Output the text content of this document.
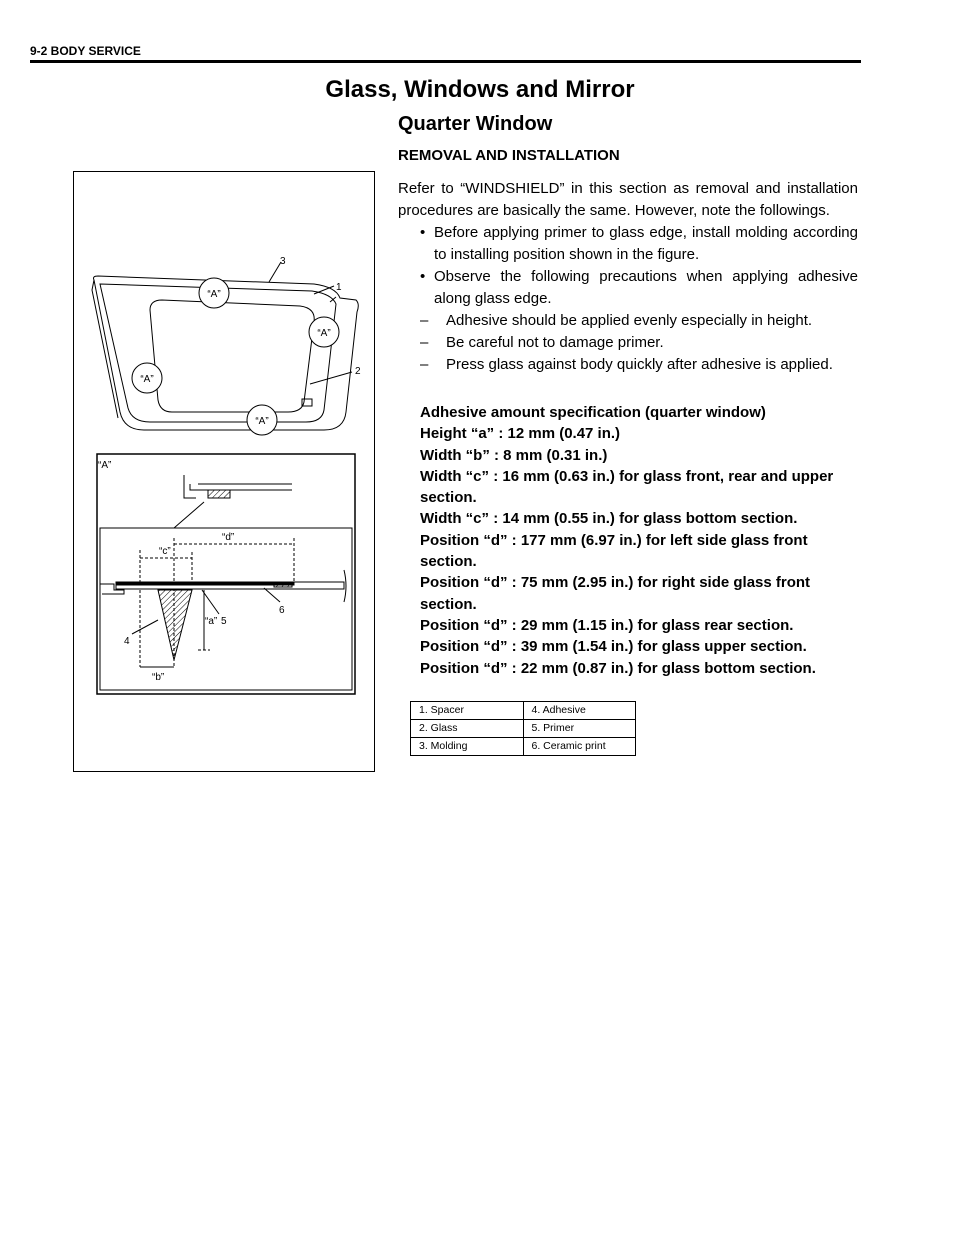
9-2 BODY SERVICE
Glass, Windows and Mirror
Quarter Window
REMOVAL AND INSTALLATION
“A”
“A”
“A”
“A”
3
1
2
“A”
“c”
“d”
“a”
“b”
5
6
4

Refer to “WINDSHIELD” in this section as removal and installation procedures are basically the same. However, note the followings.

• Before applying primer to glass edge, install molding according to installing position shown in the figure.

• Observe the following precautions when applying adhesive along glass edge.

– Adhesive should be applied evenly especially in height.

– Be careful not to damage primer.

– Press glass against body quickly after adhesive is applied.

Adhesive amount specification (quarter window)

Height “a” : 12 mm (0.47 in.)

Width “b” : 8 mm (0.31 in.)

Width “c” : 16 mm (0.63 in.) for glass front, rear and upper section.

Width “c” : 14 mm (0.55 in.) for glass bottom section.

Position “d” : 177 mm (6.97 in.) for left side glass front section.

Position “d” : 75 mm (2.95 in.) for right side glass front section.

Position “d” : 29 mm (1.15 in.) for glass rear section.

Position “d” : 39 mm (1.54 in.) for glass upper section.

Position “d” : 22 mm (0.87 in.) for glass bottom section.

1. Spacer	4. Adhesive
2. Glass	5. Primer
3. Molding	6. Ceramic print
